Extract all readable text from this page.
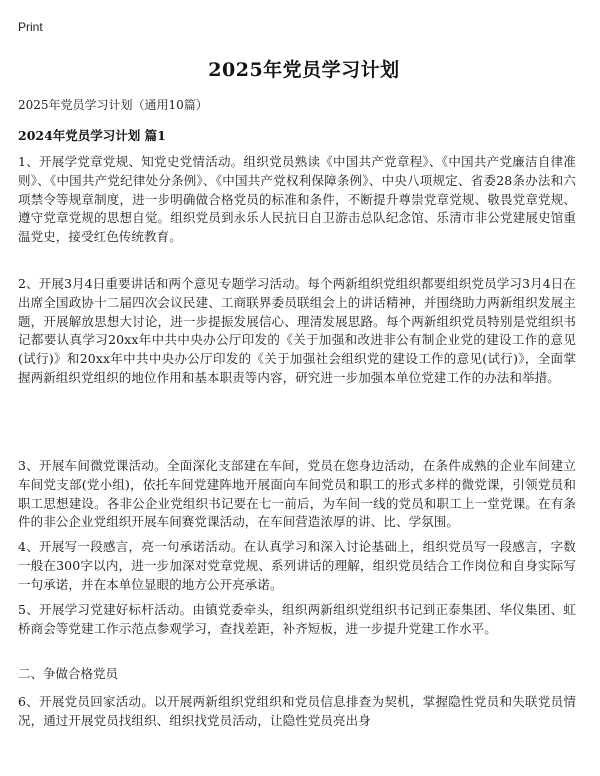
Print
2025年党员学习计划
2025年党员学习计划（通用10篇）
2024年党员学习计划 篇1
1、开展学党章党规、知党史党情活动。组织党员熟读《中国共产党章程》、《中国共产党廉洁自律准则》、《中国共产党纪律处分条例》、《中国共产党权利保障条例》、中央八项规定、省委28条办法和六项禁令等规章制度，进一步明确做合格党员的标准和条件，不断提升尊崇党章党规、敬畏党章党规、遵守党章党规的思想自觉。组织党员到永乐人民抗日自卫游击总队纪念馆、乐清市非公党建展史馆重温党史，接受红色传统教育。
2、开展3月4日重要讲话和两个意见专题学习活动。每个两新组织党组织都要组织党员学习3月4日在出席全国政协十二届四次会议民建、工商联界委员联组会上的讲话精神，并围绕助力两新组织发展主题，开展解放思想大讨论，进一步提振发展信心、理清发展思路。每个两新组织党员特别是党组织书记都要认真学习20xx年中共中央办公厅印发的《关于加强和改进非公有制企业党的建设工作的意见(试行)》和20xx年中共中央办公厅印发的《关于加强社会组织党的建设工作的意见(试行)》，全面掌握两新组织党组织的地位作用和基本职责等内容，研究进一步加强本单位党建工作的办法和举措。
3、开展车间微党课活动。全面深化支部建在车间，党员在您身边活动，在条件成熟的企业车间建立车间党支部(党小组)，依托车间党建阵地开展面向车间党员和职工的形式多样的微党课，引领党员和职工思想建设。各非公企业党组织书记要在七一前后，为车间一线的党员和职工上一堂党课。在有条件的非公企业党组织开展车间赛党课活动，在车间营造浓厚的讲、比、学氛围。
4、开展写一段感言，亮一句承诺活动。在认真学习和深入讨论基础上，组织党员写一段感言，字数一般在300字以内，进一步加深对党章党规、系列讲话的理解，组织党员结合工作岗位和自身实际写一句承诺，并在本单位显眼的地方公开亮承诺。
5、开展学习党建好标杆活动。由镇党委牵头，组织两新组织党组织书记到正泰集团、华仪集团、虹桥商会等党建工作示范点参观学习，查找差距，补齐短板，进一步提升党建工作水平。
二、争做合格党员
6、开展党员回家活动。以开展两新组织党组织和党员信息排查为契机，掌握隐性党员和失联党员情况，通过开展党员找组织、组织找党员活动，让隐性党员亮出身
